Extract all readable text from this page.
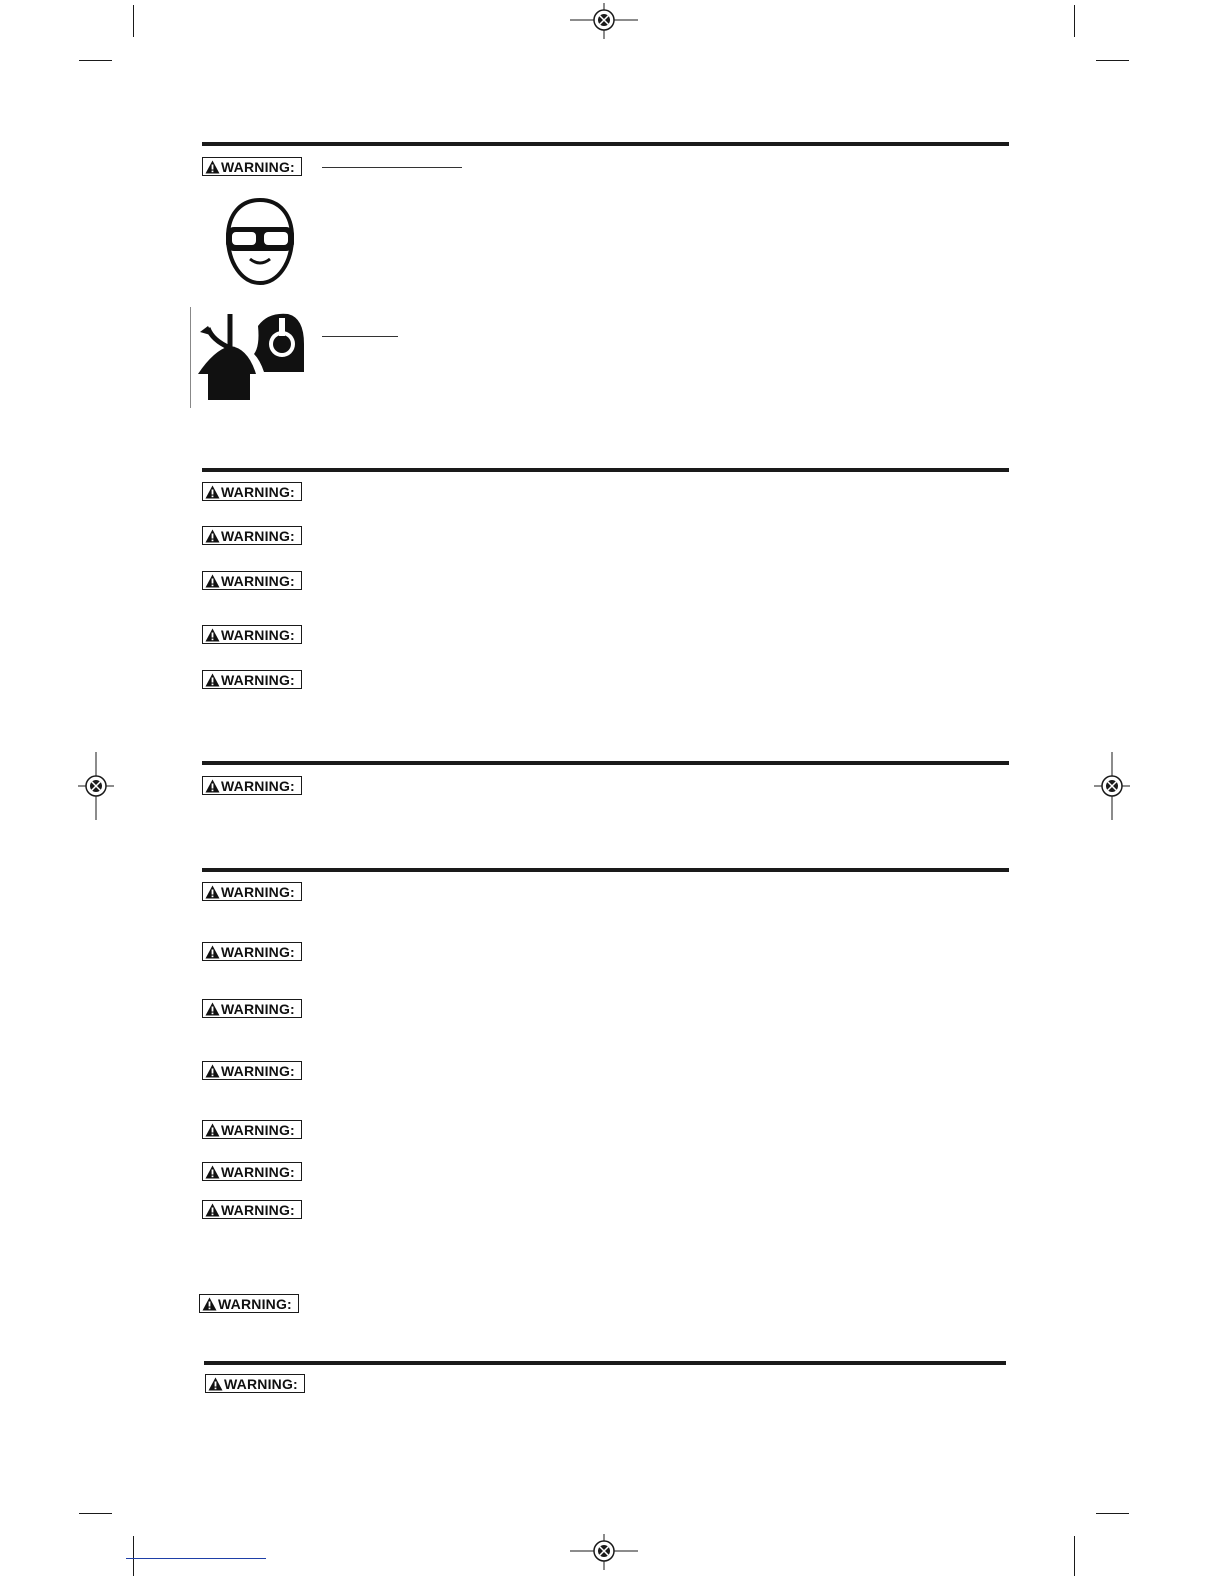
WARNING:
WARNING:
WARNING:
WARNING:
WARNING:
WARNING:
WARNING:
WARNING:
WARNING:
WARNING:
WARNING:
WARNING:
WARNING:
WARNING:
WARNING:
WARNING:
